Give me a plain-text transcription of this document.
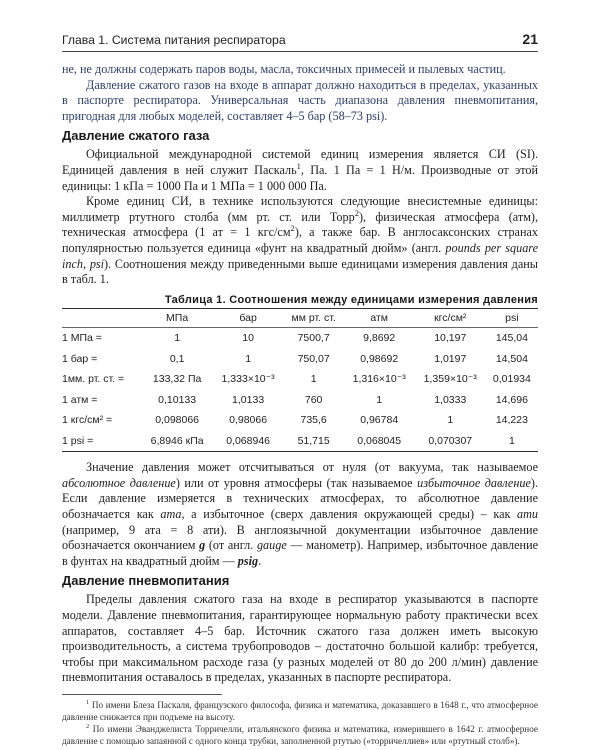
Глава 1. Система питания респиратора	21

не, не должны содержать паров воды, масла, токсичных примесей и пылевых частиц.

Давление сжатого газов на входе в аппарат должно находиться в пределах, указанных в паспорте респиратора. Универсальная часть диапазона давления пневмопитания, пригодная для любых моделей, составляет 4–5 бар (58–73 psi).

Давление сжатого газа

Официальной международной системой единиц измерения является СИ (SI). Единицей давления в ней служит Паскаль$^1$, Па. 1 Па = 1 Н/м. Производные от этой единицы: 1 кПа = 1000 Па и 1 МПа = 1 000 000 Па.

Кроме единиц СИ, в технике используются следующие внесистемные единицы: миллиметр ртутного столба (мм рт. ст. или Торр$^2$), физическая атмосфера (атм), техническая атмосфера (1 ат = 1 кгс/$см^2$), а также бар. В англосаксонских странах популярностью пользуется единица «фунт на квадратный дюйм» (англ. pounds per square inch, psi). Соотношения между приведенными выше единицами измерения давления даны в табл. 1.

Таблица 1. Соотношения между единицами измерения давления
	МПа	бар	мм рт. ст.	атм	кгс/см²	psi
1 МПа =	1	10	7500,7	9,8692	10,197	145,04
1 бар =	0,1	1	750,07	0,98692	1,0197	14,504
1мм. рт. ст. =	133,32 Па	1,333×10⁻³	1	1,316×10⁻³	1,359×10⁻³	0,01934
1 атм =	0,10133	1,0133	760	1	1,0333	14,696
1 кгс/см² =	0,098066	0,98066	735,6	0,96784	1	14,223
1 psi =	6,8946 кПа	0,068946	51,715	0,068045	0,070307	1

Значение давления может отсчитываться от нуля (от вакуума, так называемое абсолютное давление) или от уровня атмосферы (так называемое избыточное давление). Если давление измеряется в технических атмосферах, то абсолютное давление обозначается как ата, а избыточное (сверх давления окружающей среды) – как ати (например, 9 ата = 8 ати). В англоязычной документации избыточное давление обозначается окончанием g (от англ. gauge — манометр). Например, избыточное давление в фунтах на квадратный дюйм — psig.

Давление пневмопитания

Пределы давления сжатого газа на входе в респиратор указываются в паспорте модели. Давление пневмопитания, гарантирующее нормальную работу практически всех аппаратов, составляет 4–5 бар. Источник сжатого газа должен иметь высокую производительность, а система трубопроводов – достаточно большой калибр: требуется, чтобы при максимальном расходе газа (у разных моделей от 80 до 200 л/мин) давление пневмопитания оставалось в пределах, указанных в паспорте респиратора.

$^1$ По имени Блеза Паскаля, французского философа, физика и математика, доказавшего в 1648 г., что атмосферное давление снижается при подъеме на высоту.

$^2$ По имени Эванджелиста Торричелли, итальянского физика и математика, измерившего в 1642 г. атмосферное давление с помощью запаянной с одного конца трубки, заполненной ртутью («торричеллиев» или «ртутный столб»).
